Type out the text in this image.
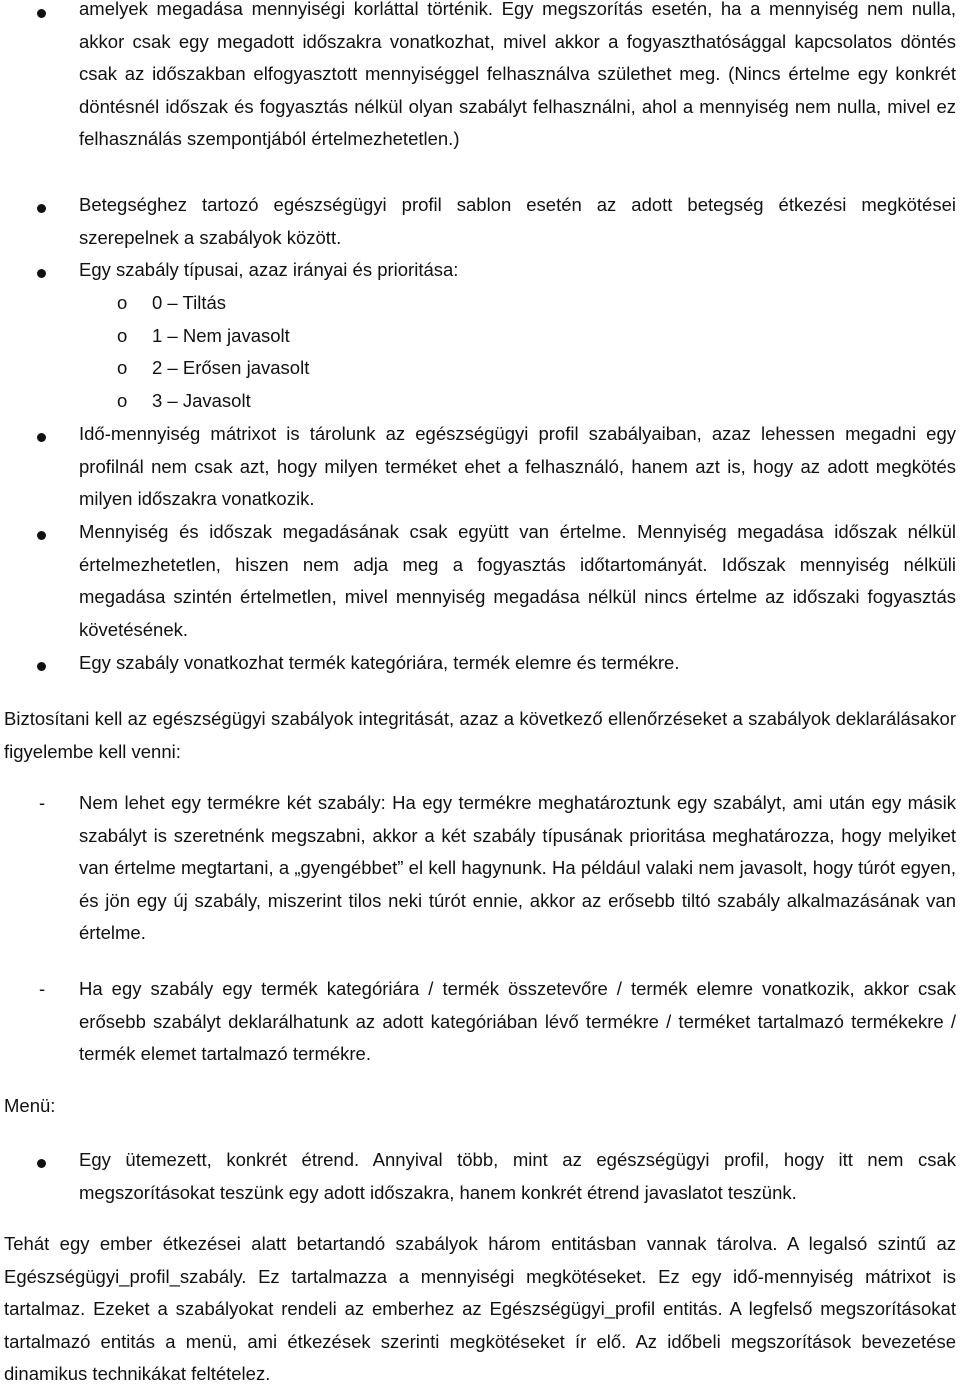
amelyek megadása mennyiségi korláttal történik. Egy megszorítás esetén, ha a mennyiség nem nulla, akkor csak egy megadott időszakra vonatkozhat, mivel akkor a fogyaszthatósággal kapcsolatos döntés csak az időszakban elfogyasztott mennyiséggel felhasználva születhet meg. (Nincs értelme egy konkrét döntésnél időszak és fogyasztás nélkül olyan szabályt felhasználni, ahol a mennyiség nem nulla, mivel ez felhasználás szempontjából értelmezhetetlen.)

Betegséghez tartozó egészségügyi profil sablon esetén az adott betegség étkezési megkötései szerepelnek a szabályok között.

Egy szabály típusai, azaz irányai és prioritása:

o 0 – Tiltás

o 1 – Nem javasolt

o 2 – Erősen javasolt

o 3 – Javasolt

Idő-mennyiség mátrixot is tárolunk az egészségügyi profil szabályaiban, azaz lehessen megadni egy profilnál nem csak azt, hogy milyen terméket ehet a felhasználó, hanem azt is, hogy az adott megkötés milyen időszakra vonatkozik.

Mennyiség és időszak megadásának csak együtt van értelme. Mennyiség megadása időszak nélkül értelmezhetetlen, hiszen nem adja meg a fogyasztás időtartományát. Időszak mennyiség nélküli megadása szintén értelmetlen, mivel mennyiség megadása nélkül nincs értelme az időszaki fogyasztás követésének.

Egy szabály vonatkozhat termék kategóriára, termék elemre és termékre.

Biztosítani kell az egészségügyi szabályok integritását, azaz a következő ellenőrzéseket a szabályok deklarálásakor figyelembe kell venni:

- Nem lehet egy termékre két szabály: Ha egy termékre meghatároztunk egy szabályt, ami után egy másik szabályt is szeretnénk megszabni, akkor a két szabály típusának prioritása meghatározza, hogy melyiket van értelme megtartani, a „gyengébbet” el kell hagynunk. Ha például valaki nem javasolt, hogy túrót egyen, és jön egy új szabály, miszerint tilos neki túrót ennie, akkor az erősebb tiltó szabály alkalmazásának van értelme.

- Ha egy szabály egy termék kategóriára / termék összetevőre / termék elemre vonatkozik, akkor csak erősebb szabályt deklarálhatunk az adott kategóriában lévő termékre / terméket tartalmazó termékekre / termék elemet tartalmazó termékre.

Menü:

Egy ütemezett, konkrét étrend. Annyival több, mint az egészségügyi profil, hogy itt nem csak megszorításokat teszünk egy adott időszakra, hanem konkrét étrend javaslatot teszünk.

Tehát egy ember étkezései alatt betartandó szabályok három entitásban vannak tárolva. A legalsó szintű az Egészségügyi_profil_szabály. Ez tartalmazza a mennyiségi megkötéseket. Ez egy idő-mennyiség mátrixot is tartalmaz. Ezeket a szabályokat rendeli az emberhez az Egészségügyi_profil entitás. A legfelső megszorításokat tartalmazó entitás a menü, ami étkezések szerinti megkötéseket ír elő. Az időbeli megszorítások bevezetése dinamikus technikákat feltételez.
